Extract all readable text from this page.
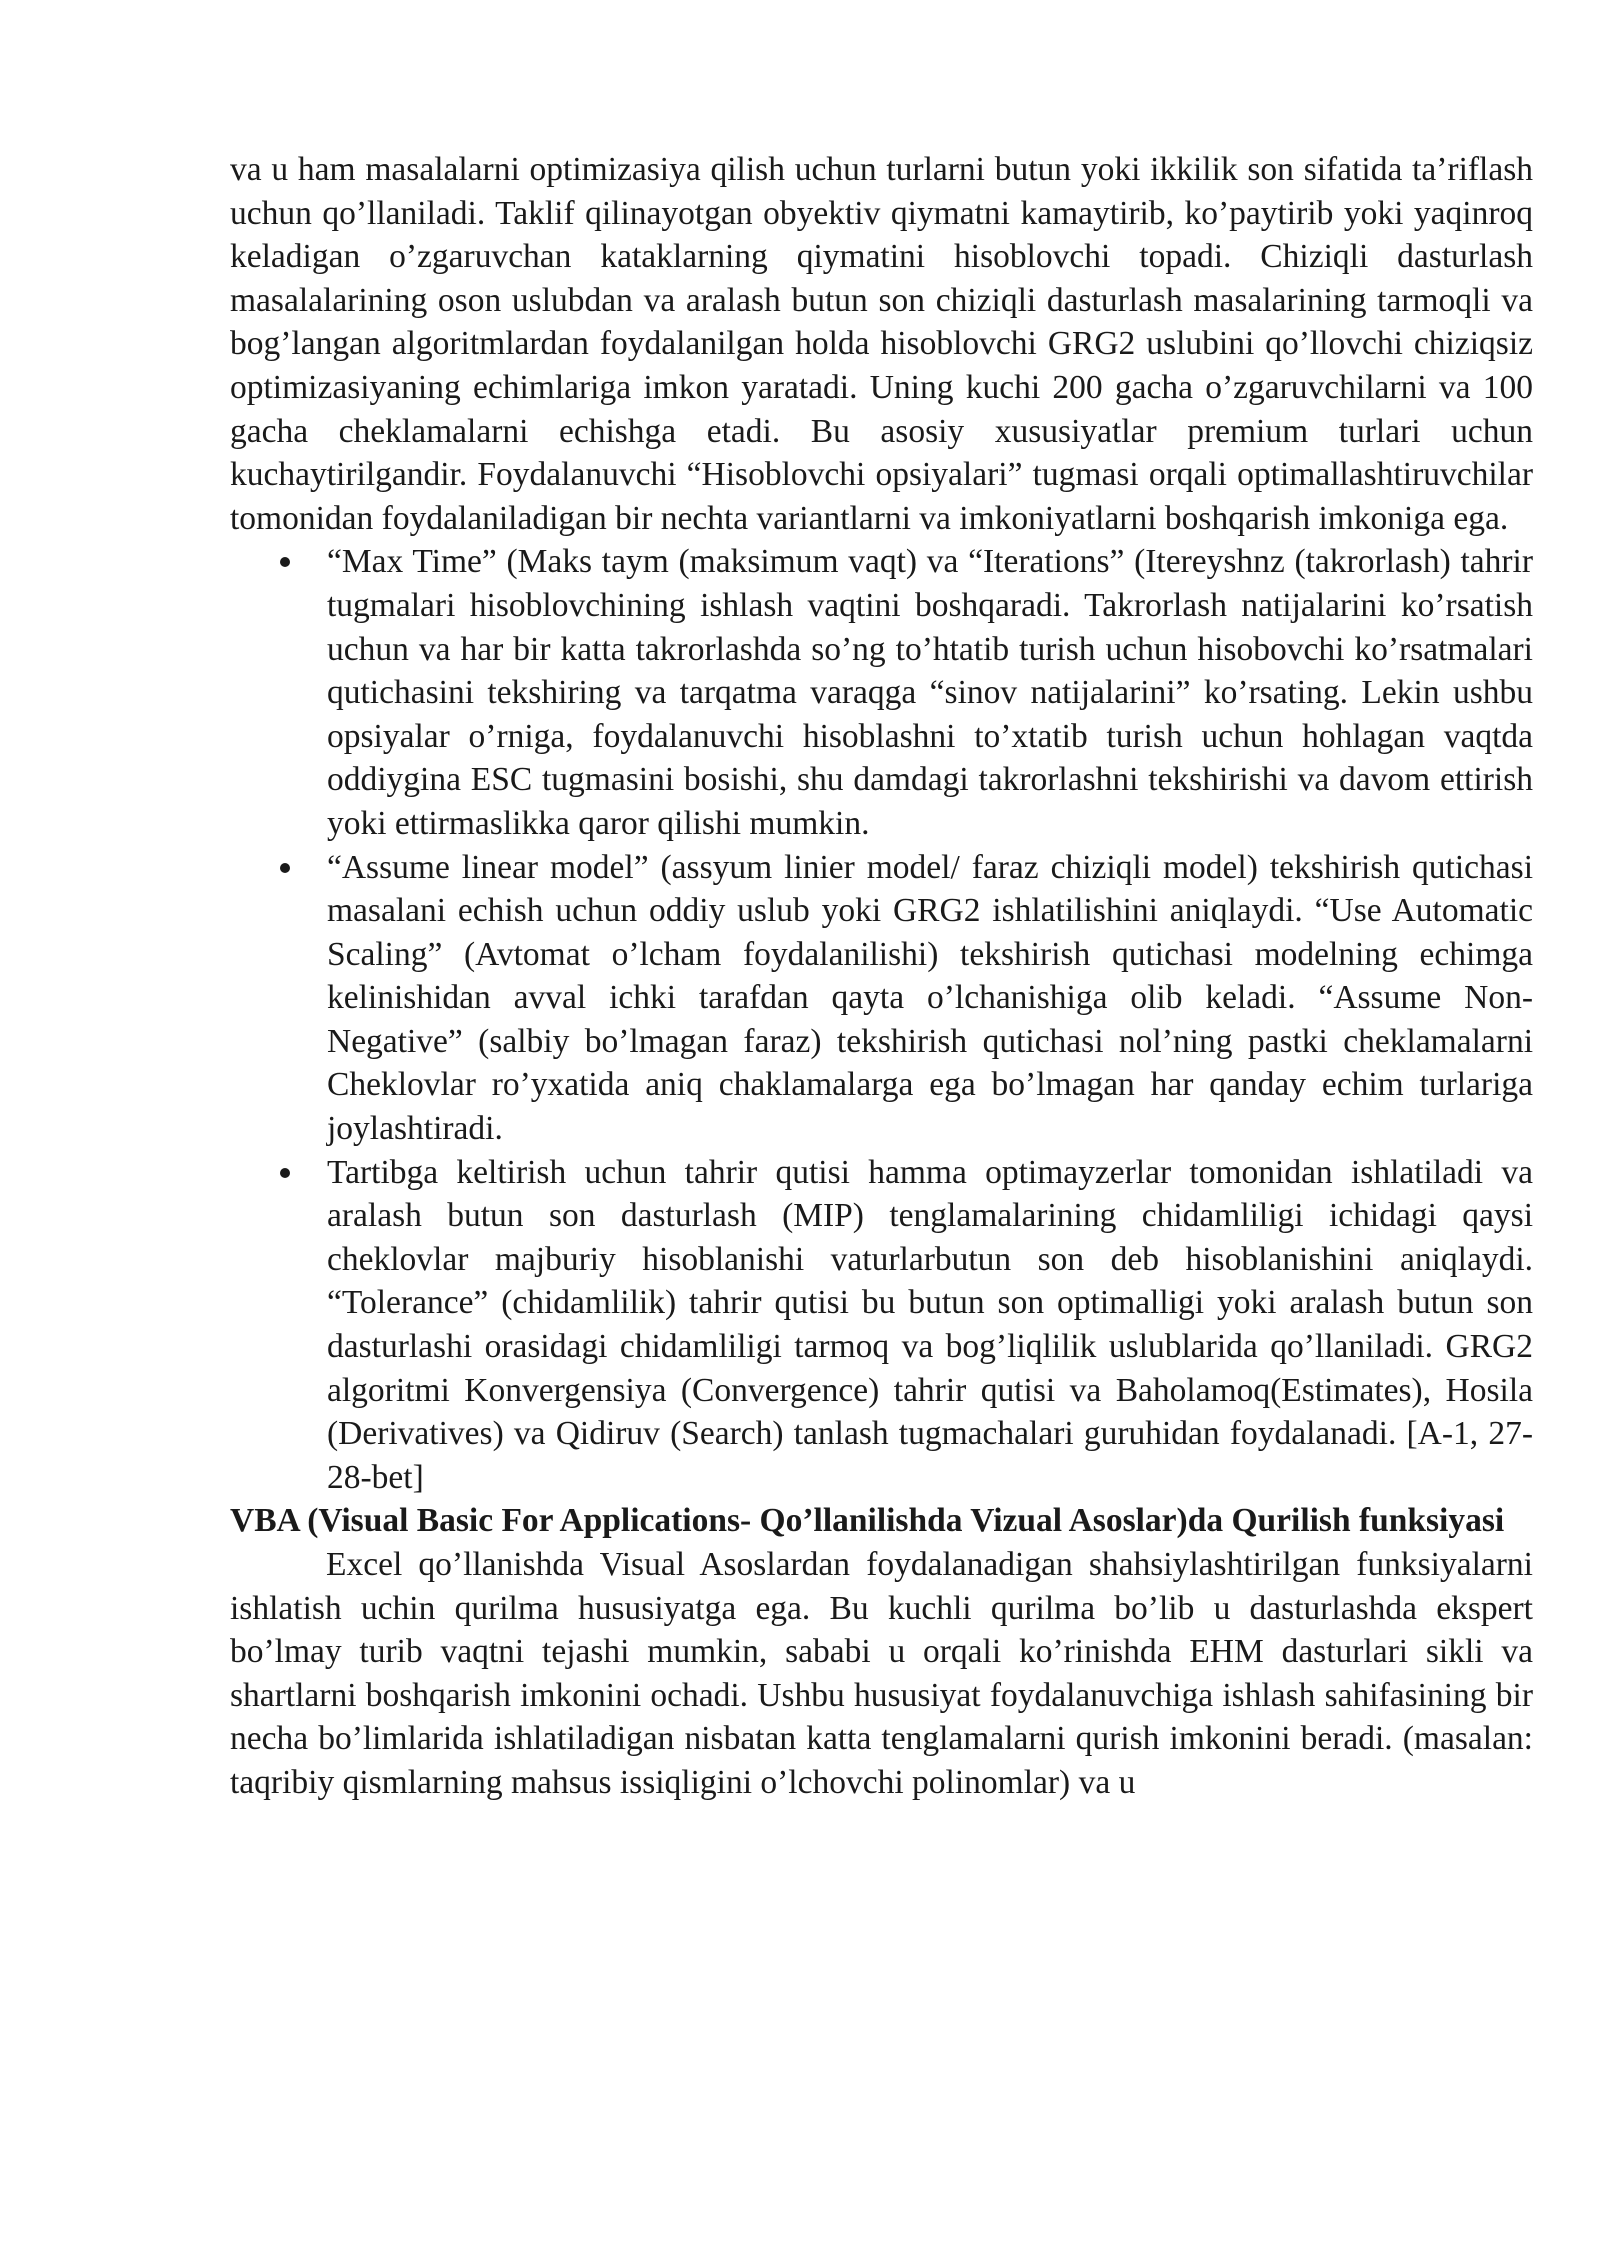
va u ham masalalarni optimizasiya qilish uchun turlarni butun yoki ikkilik son sifatida ta’riflash uchun qo’llaniladi. Taklif qilinayotgan obyektiv qiymatni kamaytirib, ko’paytirib yoki yaqinroq keladigan o’zgaruvchan kataklarning qiymatini hisoblovchi topadi. Chiziqli dasturlash masalalarining oson uslubdan va aralash butun son chiziqli dasturlash masalarining tarmoqli va bog’langan algoritmlardan foydalanilgan holda hisoblovchi GRG2 uslubini qo’llovchi chiziqsiz optimizasiyaning echimlariga imkon yaratadi. Uning kuchi 200 gacha o’zgaruvchilarni va 100 gacha cheklamalarni echishga etadi. Bu asosiy xususiyatlar premium turlari uchun kuchaytirilgandir. Foydalanuvchi “Hisoblovchi opsiyalari” tugmasi orqali optimallashtiruvchilar tomonidan foydalaniladigan bir nechta variantlarni va imkoniyatlarni boshqarish imkoniga ega.

“Max Time” (Maks taym (maksimum vaqt) va “Iterations” (Itereyshnz (takrorlash) tahrir tugmalari hisoblovchining ishlash vaqtini boshqaradi. Takrorlash natijalarini ko’rsatish uchun va har bir katta takrorlashda so’ng to’htatib turish uchun hisobovchi ko’rsatmalari qutichasini tekshiring va tarqatma varaqga “sinov natijalarini” ko’rsating. Lekin ushbu opsiyalar o’rniga, foydalanuvchi hisoblashni to’xtatib turish uchun hohlagan vaqtda oddiygina ESC tugmasini bosishi, shu damdagi takrorlashni tekshirishi va davom ettirish yoki ettirmaslikka qaror qilishi mumkin.
“Assume linear model” (assyum linier model/ faraz chiziqli model) tekshirish qutichasi masalani echish uchun oddiy uslub yoki GRG2 ishlatilishini aniqlaydi. “Use Automatic Scaling” (Avtomat o’lcham foydalanilishi) tekshirish qutichasi modelning echimga kelinishidan avval ichki tarafdan qayta o’lchanishiga olib keladi. “Assume Non-Negative” (salbiy bo’lmagan faraz) tekshirish qutichasi nol’ning pastki cheklamalarni Cheklovlar ro’yxatida aniq chaklamalarga ega bo’lmagan har qanday echim turlariga joylashtiradi.
Tartibga keltirish uchun tahrir qutisi hamma optimayzerlar tomonidan ishlatiladi va aralash butun son dasturlash (MIP) tenglamalarining chidamliligi ichidagi qaysi cheklovlar majburiy hisoblanishi vaturlarbutun son deb hisoblanishini aniqlaydi. “Tolerance” (chidamlilik) tahrir qutisi bu butun son optimalligi yoki aralash butun son dasturlashi orasidagi chidamliligi tarmoq va bog’liqlilik uslublarida qo’llaniladi. GRG2 algoritmi Konvergensiya (Convergence) tahrir qutisi va Baholamoq(Estimates), Hosila (Derivatives) va Qidiruv (Search) tanlash tugmachalari guruhidan foydalanadi. [A-1, 27-28-bet]
VBA (Visual Basic For Applications- Qo’llanilishda Vizual Asoslar)da Qurilish funksiyasi

Excel qo’llanishda Visual Asoslardan foydalanadigan shahsiylashtirilgan funksiyalarni ishlatish uchin qurilma hususiyatga ega. Bu kuchli qurilma bo’lib u dasturlashda ekspert bo’lmay turib vaqtni tejashi mumkin, sababi u orqali ko’rinishda EHM dasturlari sikli va shartlarni boshqarish imkonini ochadi. Ushbu hususiyat foydalanuvchiga ishlash sahifasining bir necha bo’limlarida ishlatiladigan nisbatan katta tenglamalarni qurish imkonini beradi. (masalan: taqribiy qismlarning mahsus issiqligini o’lchovchi polinomlar) va u
